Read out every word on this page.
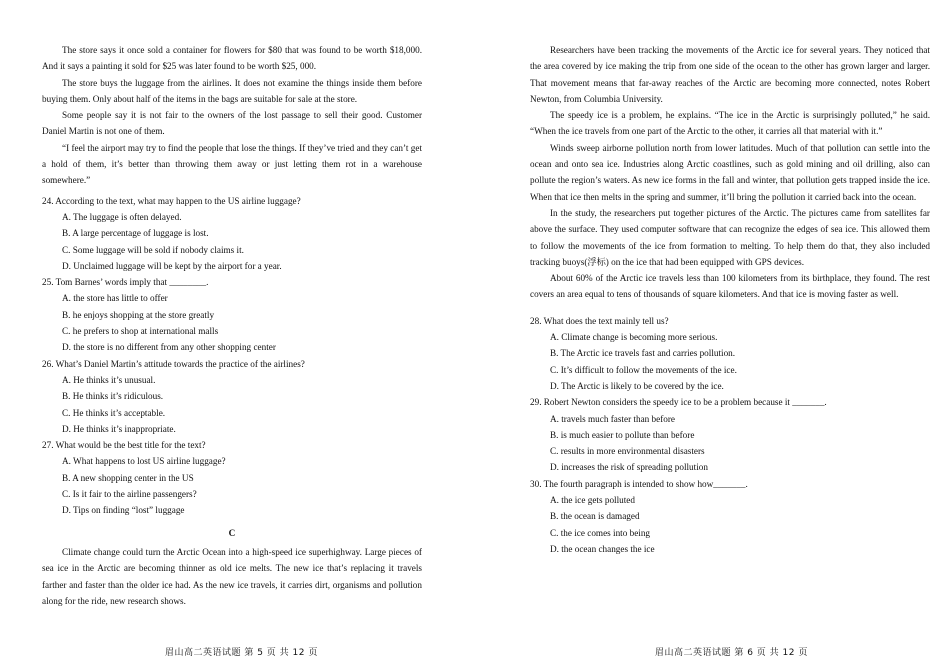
The store says it once sold a container for flowers for $80 that was found to be worth $18,000. And it says a painting it sold for $25 was later found to be worth $25, 000.

The store buys the luggage from the airlines. It does not examine the things inside them before buying them. Only about half of the items in the bags are suitable for sale at the store.

Some people say it is not fair to the owners of the lost passage to sell their good. Customer Daniel Martin is not one of them.

“I feel the airport may try to find the people that lose the things. If they’ve tried and they can’t get a hold of them, it’s better than throwing them away or just letting them rot in a warehouse somewhere.”

24. According to the text, what may happen to the US airline luggage?

A. The luggage is often delayed.

B. A large percentage of luggage is lost.

C. Some luggage will be sold if nobody claims it.

D. Unclaimed luggage will be kept by the airport for a year.

25. Tom Barnes’ words imply that ________.

A. the store has little to offer

B. he enjoys shopping at the store greatly

C. he prefers to shop at international malls

D. the store is no different from any other shopping center

26. What’s Daniel Martin’s attitude towards the practice of the airlines?

A. He thinks it’s unusual.

B. He thinks it’s ridiculous.

C. He thinks it’s acceptable.

D. He thinks it’s inappropriate.

27. What would be the best title for the text?

A. What happens to lost US airline luggage?

B. A new shopping center in the US

C. Is it fair to the airline passengers?

D. Tips on finding “lost” luggage

C

Climate change could turn the Arctic Ocean into a high-speed ice superhighway. Large pieces of sea ice in the Arctic are becoming thinner as old ice melts. The new ice that’s replacing it travels farther and faster than the older ice had. As the new ice travels, it carries dirt, organisms and pollution along for the ride, new research shows.

眉山高二英语试题 第 5 页 共 12 页

Researchers have been tracking the movements of the Arctic ice for several years. They noticed that the area covered by ice making the trip from one side of the ocean to the other has grown larger and larger. That movement means that far-away reaches of the Arctic are becoming more connected, notes Robert Newton, from Columbia University.

The speedy ice is a problem, he explains. “The ice in the Arctic is surprisingly polluted,” he said. “When the ice travels from one part of the Arctic to the other, it carries all that material with it.”

Winds sweep airborne pollution north from lower latitudes. Much of that pollution can settle into the ocean and onto sea ice. Industries along Arctic coastlines, such as gold mining and oil drilling, also can pollute the region’s waters. As new ice forms in the fall and winter, that pollution gets trapped inside the ice. When that ice then melts in the spring and summer, it’ll bring the pollution it carried back into the ocean.

In the study, the researchers put together pictures of the Arctic. The pictures came from satellites far above the surface. They used computer software that can recognize the edges of sea ice. This allowed them to follow the movements of the ice from formation to melting. To help them do that, they also included tracking buoys(浮标) on the ice that had been equipped with GPS devices.

About 60% of the Arctic ice travels less than 100 kilometers from its birthplace, they found. The rest covers an area equal to tens of thousands of square kilometers. And that ice is moving faster as well.

28. What does the text mainly tell us?

A. Climate change is becoming more serious.

B. The Arctic ice travels fast and carries pollution.

C. It’s difficult to follow the movements of the ice.

D. The Arctic is likely to be covered by the ice.

29. Robert Newton considers the speedy ice to be a problem because it _______.

A. travels much faster than before

B. is much easier to pollute than before

C. results in more environmental disasters

D. increases the risk of spreading pollution

30. The fourth paragraph is intended to show how_______.

A. the ice gets polluted

B. the ocean is damaged

C. the ice comes into being

D. the ocean changes the ice

眉山高二英语试题 第 6 页 共 12 页
